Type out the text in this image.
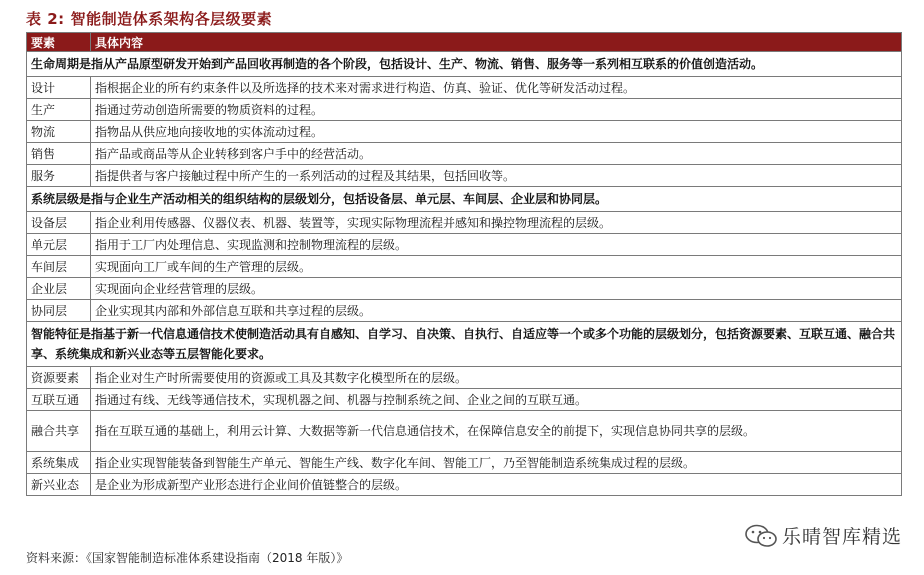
表 2: 智能制造体系架构各层级要素
要素	具体内容
生命周期是指从产品原型研发开始到产品回收再制造的各个阶段，包括设计、生产、物流、销售、服务等一系列相互联系的价值创造活动。	
设计	指根据企业的所有约束条件以及所选择的技术来对需求进行构造、仿真、验证、优化等研发活动过程。
生产	指通过劳动创造所需要的物质资料的过程。
物流	指物品从供应地向接收地的实体流动过程。
销售	指产品或商品等从企业转移到客户手中的经营活动。
服务	指提供者与客户接触过程中所产生的一系列活动的过程及其结果，包括回收等。
系统层级是指与企业生产活动相关的组织结构的层级划分，包括设备层、单元层、车间层、企业层和协同层。	
设备层	指企业利用传感器、仪器仪表、机器、装置等，实现实际物理流程并感知和操控物理流程的层级。
单元层	指用于工厂内处理信息、实现监测和控制物理流程的层级。
车间层	实现面向工厂或车间的生产管理的层级。
企业层	实现面向企业经营管理的层级。
协同层	企业实现其内部和外部信息互联和共享过程的层级。
智能特征是指基于新一代信息通信技术使制造活动具有自感知、自学习、自决策、自执行、自适应等一个或多个功能的层级划分，包括资源要素、互联互通、融合共享、系统集成和新兴业态等五层智能化要求。	
资源要素	指企业对生产时所需要使用的资源或工具及其数字化模型所在的层级。
互联互通	指通过有线、无线等通信技术，实现机器之间、机器与控制系统之间、企业之间的互联互通。
融合共享	指在互联互通的基础上，利用云计算、大数据等新一代信息通信技术，在保障信息安全的前提下，实现信息协同共享的层级。
系统集成	指企业实现智能装备到智能生产单元、智能生产线、数字化车间、智能工厂，乃至智能制造系统集成过程的层级。
新兴业态	是企业为形成新型产业形态进行企业间价值链整合的层级。
乐晴智库精选
资料来源：《国家智能制造标准体系建设指南（2018 年版）》
